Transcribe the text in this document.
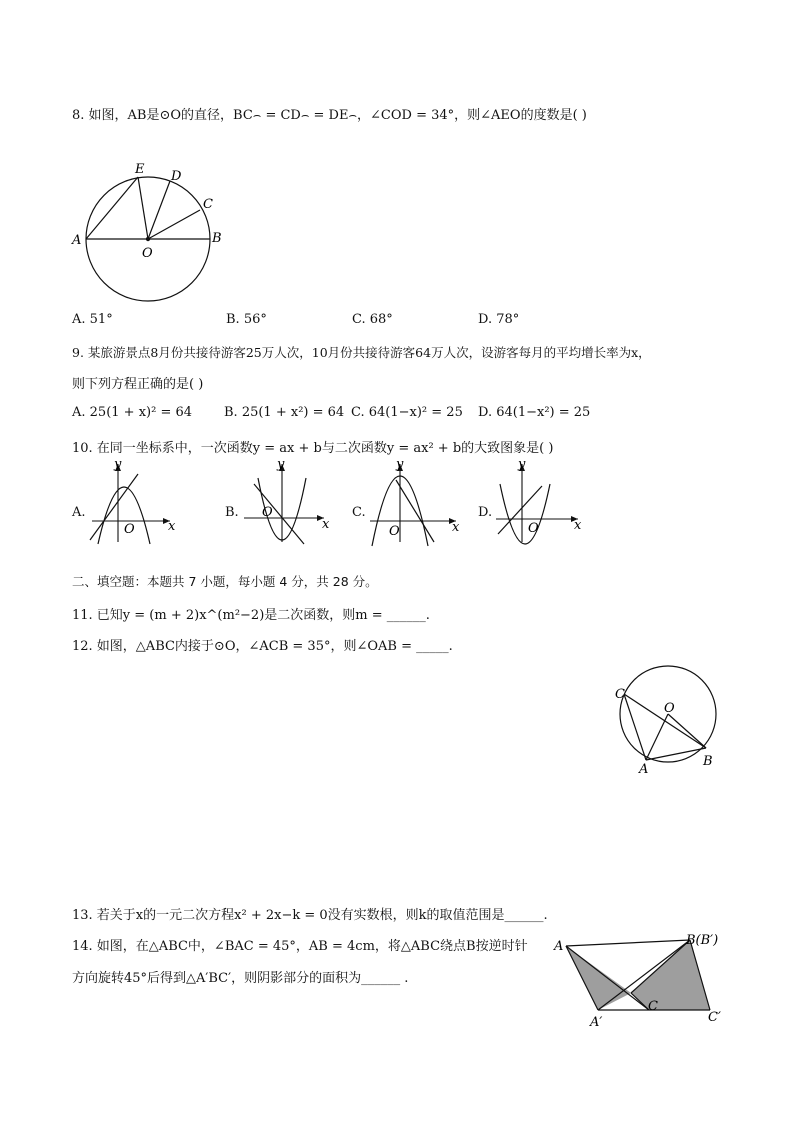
8. 如图，AB是⊙O的直径，BC⌢ = CD⌢ = DE⌢，∠COD = 34°，则∠AEO的度数是( )
A	B
C
D
E
O
A. 51°	B. 56°	C. 68°	D. 78°
9. 某旅游景点8月份共接待游客25万人次，10月份共接待游客64万人次，设游客每月的平均增长率为x，
则下列方程正确的是( )
A. 25(1 + x)² = 64	B. 25(1 + x²) = 64 C. 64(1−x)² = 25	D. 64(1−x²) = 25
10. 在同一坐标系中，一次函数y = ax + b与二次函数y = ax² + b的大致图象是( )
A.
y
x
O
B.
y
x
O	C.
y
x
O
D.
y
x
O
二、填空题：本题共 7 小题，每小题 4 分，共 28 分。
11. 已知y = (m + 2)x^(m²−2)是二次函数，则m = ______.
12. 如图，△ABC内接于⊙O，∠ACB = 35°，则∠OAB = _____.
C
O
A
B
13. 若关于x的一元二次方程x² + 2x−k = 0没有实数根，则k的取值范围是______.
14. 如图，在△ABC中，∠BAC = 45°，AB = 4cm，将△ABC绕点B按逆时针
方向旋转45°后得到△A′BC′，则阴影部分的面积为______ .
A	B(B′)
C
A′	C′
